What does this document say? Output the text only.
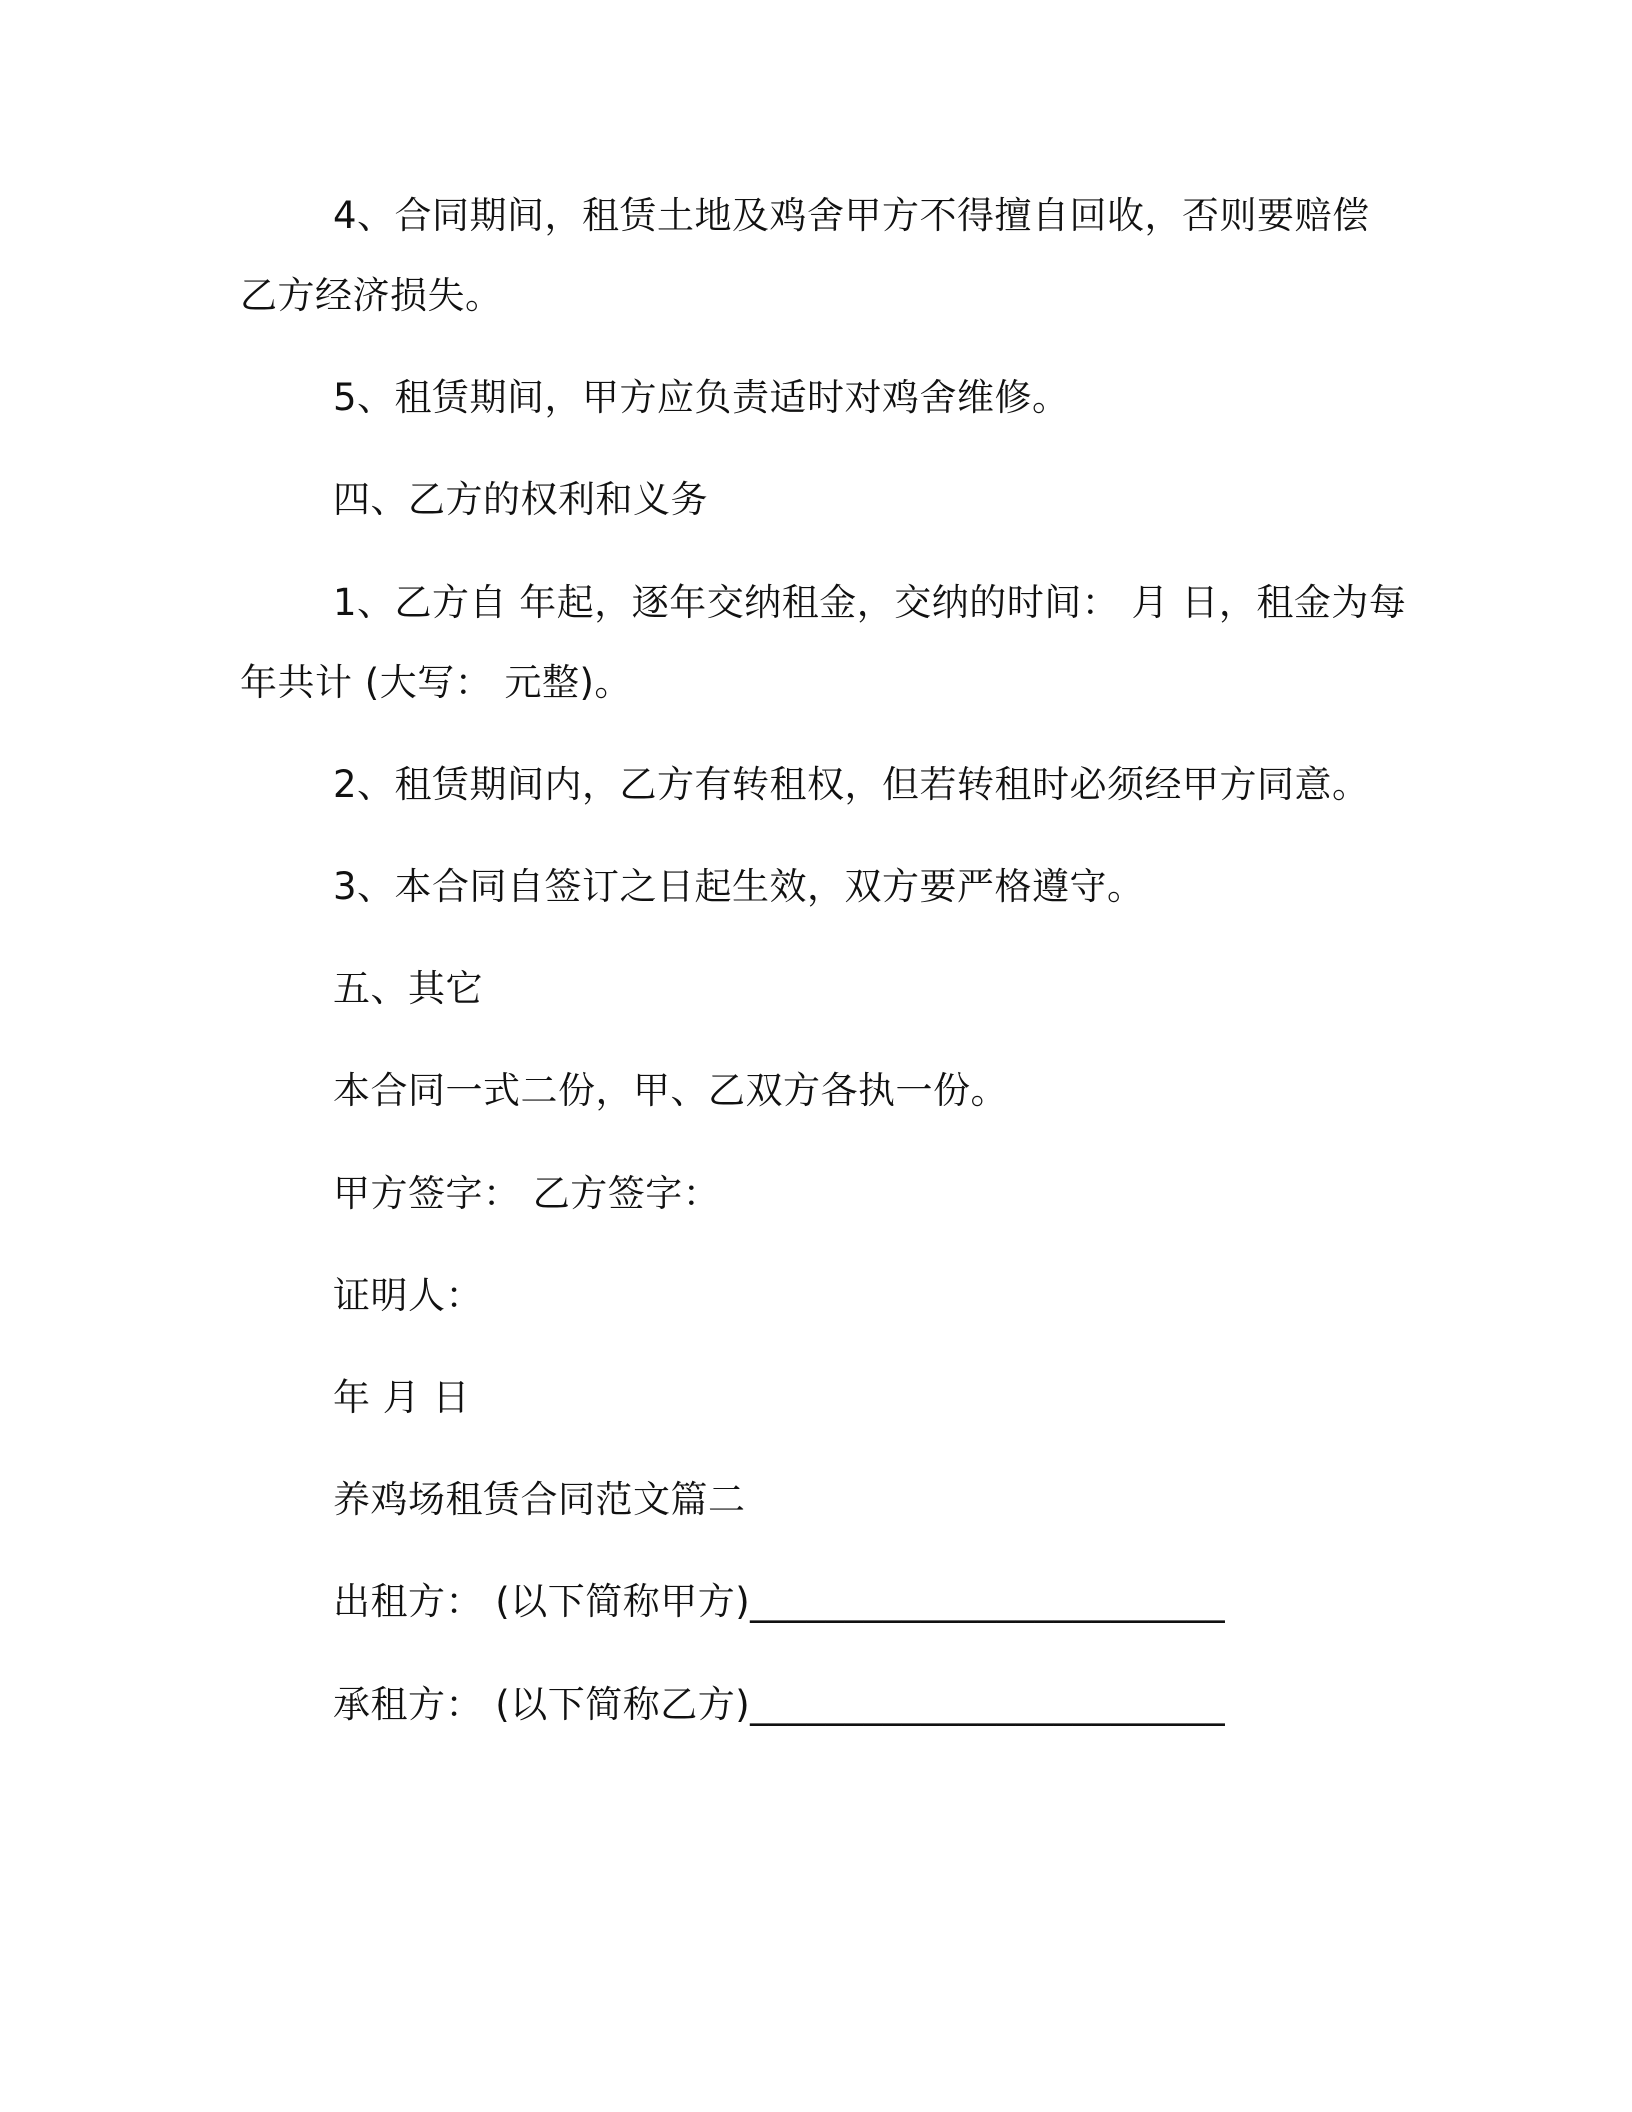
4、合同期间，租赁土地及鸡舍甲方不得擅自回收，否则要赔偿
乙方经济损失。
5、租赁期间，甲方应负责适时对鸡舍维修。
四、乙方的权利和义务
1、乙方自 年起，逐年交纳租金，交纳的时间： 月 日，租金为每
年共计 (大写： 元整)。
2、租赁期间内，乙方有转租权，但若转租时必须经甲方同意。
3、本合同自签订之日起生效，双方要严格遵守。
五、其它
本合同一式二份，甲、乙双方各执一份。
甲方签字： 乙方签字：
证明人：
年 月 日
养鸡场租赁合同范文篇二
出租方： (以下简称甲方)_________________________
承租方： (以下简称乙方)_________________________
